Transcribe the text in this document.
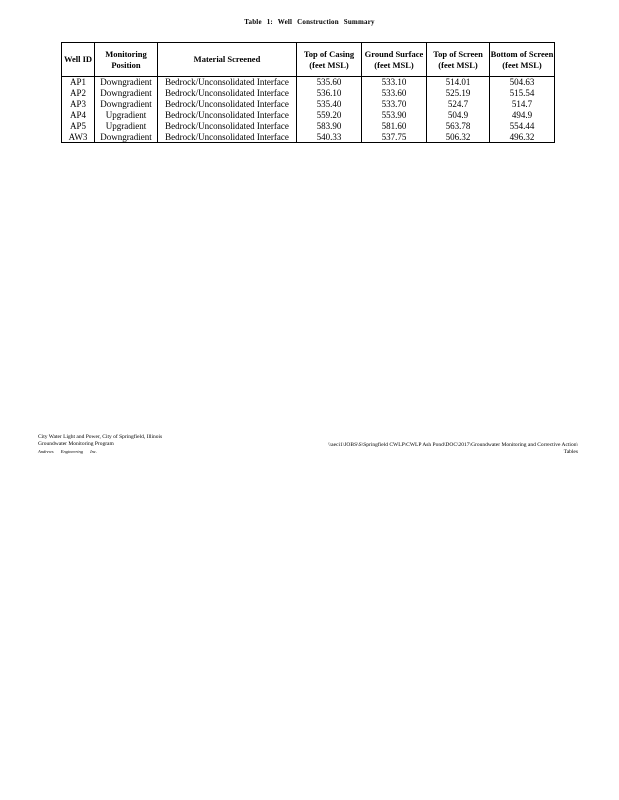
Table 1: Well Construction Summary
Well ID	Monitoring Position	Material Screened	Top of Casing (feet MSL)	Ground Surface (feet MSL)	Top of Screen (feet MSL)	Bottom of Screen (feet MSL)
AP1	Downgradient	Bedrock/Unconsolidated Interface	535.60	533.10	514.01	504.63
AP2	Downgradient	Bedrock/Unconsolidated Interface	536.10	533.60	525.19	515.54
AP3	Downgradient	Bedrock/Unconsolidated Interface	535.40	533.70	524.7	514.7
AP4	Upgradient	Bedrock/Unconsolidated Interface	559.20	553.90	504.9	494.9
AP5	Upgradient	Bedrock/Unconsolidated Interface	583.90	581.60	563.78	554.44
AW3	Downgradient	Bedrock/Unconsolidated Interface	540.33	537.75	506.32	496.32
City Water Light and Power, City of Springfield, Illinois
Groundwater Monitoring Program
Andrews Engineering Inc.
\\aeci1\JOBS\S\Springfield CWLP\CWLP Ash Pond\DOC\2017\Groundwater Monitoring and Corrective Action\
Tables
